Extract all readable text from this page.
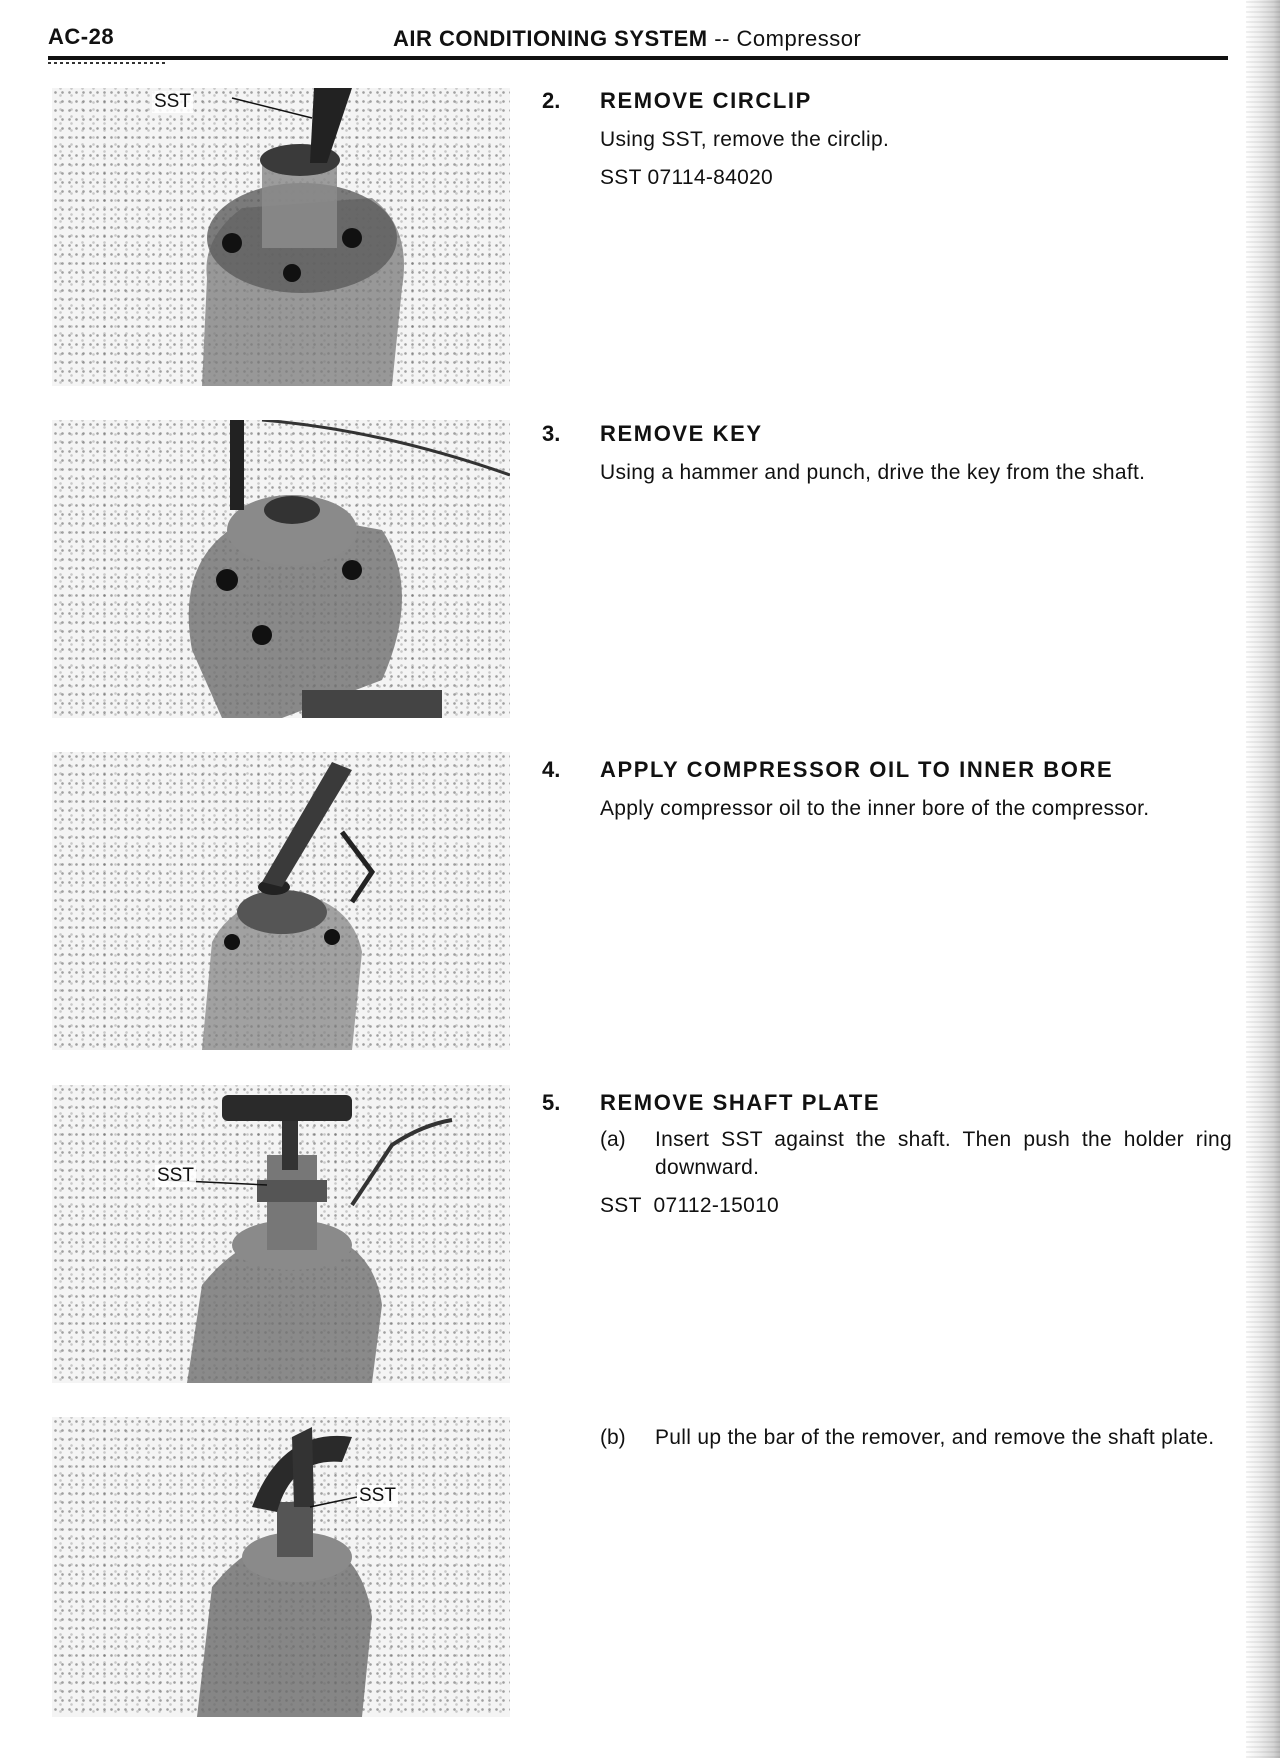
AC-28	AIR CONDITIONING SYSTEM -- Compressor
SST	2. REMOVE CIRCLIP
Using SST, remove the circlip.
SST 07114-84020
3. REMOVE KEY
Using a hammer and punch, drive the key from the shaft.
4. APPLY COMPRESSOR OIL TO INNER BORE
Apply compressor oil to the inner bore of the compressor.
SST
5. REMOVE SHAFT PLATE
(a) Insert SST against the shaft. Then push the holder ring downward.
SST 07112-15010
SST
(b) Pull up the bar of the remover, and remove the shaft plate.
